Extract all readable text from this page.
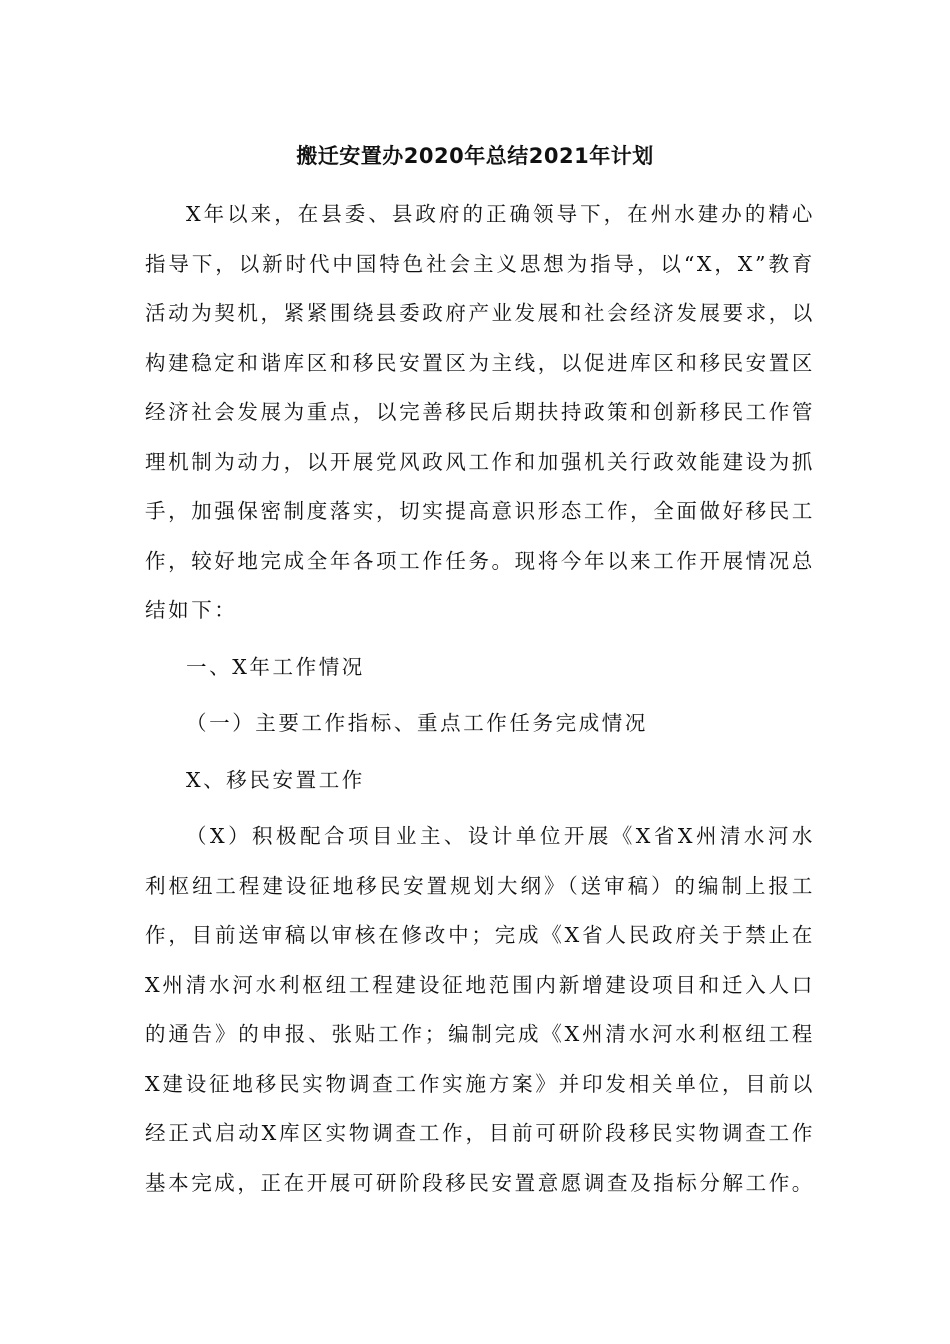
搬迁安置办2020年总结2021年计划

X年以来，在县委、县政府的正确领导下，在州水建办的精心指导下，以新时代中国特色社会主义思想为指导，以“X，X”教育活动为契机，紧紧围绕县委政府产业发展和社会经济发展要求，以构建稳定和谐库区和移民安置区为主线，以促进库区和移民安置区经济社会发展为重点，以完善移民后期扶持政策和创新移民工作管理机制为动力，以开展党风政风工作和加强机关行政效能建设为抓手，加强保密制度落实，切实提高意识形态工作，全面做好移民工作，较好地完成全年各项工作任务。现将今年以来工作开展情况总结如下：

一、X年工作情况

（一）主要工作指标、重点工作任务完成情况

X、移民安置工作

（X）积极配合项目业主、设计单位开展《X省X州清水河水利枢纽工程建设征地移民安置规划大纲》（送审稿）的编制上报工作，目前送审稿以审核在修改中；完成《X省人民政府关于禁止在X州清水河水利枢纽工程建设征地范围内新增建设项目和迁入人口的通告》的申报、张贴工作；编制完成《X州清水河水利枢纽工程X建设征地移民实物调查工作实施方案》并印发相关单位，目前以经正式启动X库区实物调查工作，目前可研阶段移民实物调查工作基本完成，正在开展可研阶段移民安置意愿调查及指标分解工作。
